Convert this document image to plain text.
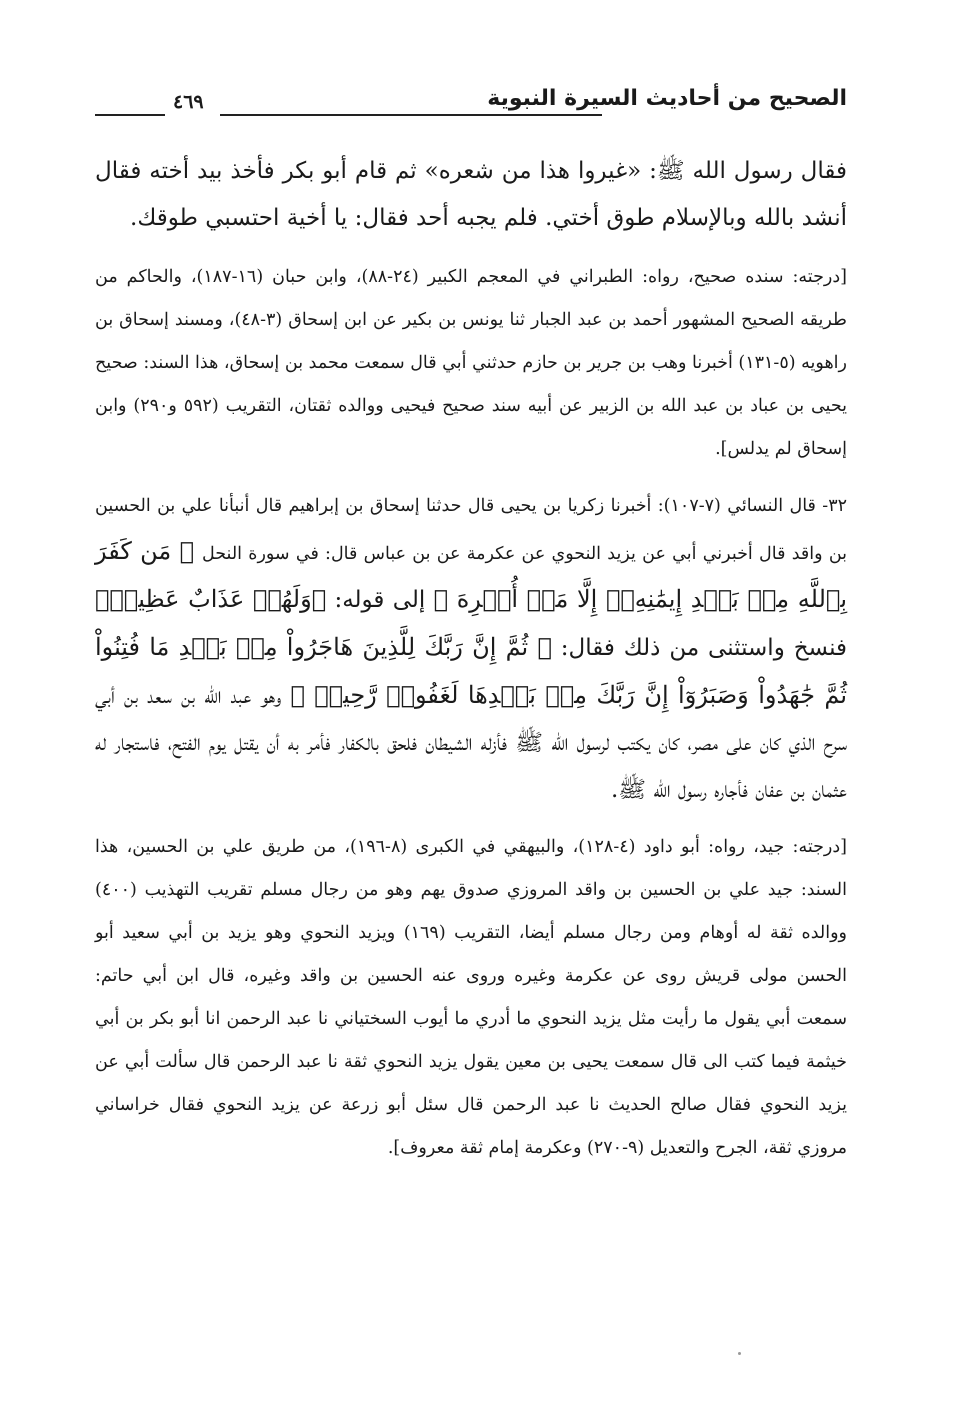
الصحيح من أحاديث السيرة النبوية
٤٦٩

فقال رسول الله ﷺ: «غيروا هذا من شعره» ثم قام أبو بكر فأخذ بيد أخته فقال أنشد بالله وبالإسلام طوق أختي. فلم يجبه أحد فقال: يا أخية احتسبي طوقك.

[درجته: سنده صحيح، رواه: الطبراني في المعجم الكبير (٢٤-٨٨)، وابن حبان (١٦-١٨٧)، والحاكم من طريقه الصحيح المشهور أحمد بن عبد الجبار ثنا يونس بن بكير عن ابن إسحاق (٣-٤٨)، ومسند إسحاق بن راهويه (٥-١٣١) أخبرنا وهب بن جرير بن حازم حدثني أبي قال سمعت محمد بن إسحاق، هذا السند: صحيح يحيى بن عباد بن عبد الله بن الزبير عن أبيه سند صحيح فيحيى ووالده ثقتان، التقريب (٥٩٢ و٢٩٠) وابن إسحاق لم يدلس].

٣٢- قال النسائي (٧-١٠٧): أخبرنا زكريا بن يحيى قال حدثنا إسحاق بن إبراهيم قال أنبأنا علي بن الحسين بن واقد قال أخبرني أبي عن يزيد النحوي عن عكرمة عن بن عباس قال: في سورة النحل ﴿ مَن كَفَرَ بِٱللَّهِ مِنۢ بَعۡدِ إِيمَٰنِهِۦٓ إِلَّا مَنۡ أُكۡرِهَ ﴾ إلى قوله: ﴿وَلَهُمۡ عَذَابٌ عَظِيمٞ﴾ فنسخ واستثنى من ذلك فقال: ﴿ ثُمَّ إِنَّ رَبَّكَ لِلَّذِينَ هَاجَرُواْ مِنۢ بَعۡدِ مَا فُتِنُواْ ثُمَّ جَٰهَدُواْ وَصَبَرُوٓاْ إِنَّ رَبَّكَ مِنۢ بَعۡدِهَا لَغَفُورٞ رَّحِيمٞ ﴾ وهو عبد الله بن سعد بن أبي سرح الذي كان على مصر، كان يكتب لرسول الله ﷺ فأزله الشيطان فلحق بالكفار فأمر به أن يقتل يوم الفتح، فاستجار له عثمان بن عفان فأجاره رسول الله ﷺ.

[درجته: جيد، رواه: أبو داود (٤-١٢٨)، والبيهقي في الكبرى (٨-١٩٦)، من طريق علي بن الحسين، هذا السند: جيد علي بن الحسين بن واقد المروزي صدوق يهم وهو من رجال مسلم تقريب التهذيب (٤٠٠) ووالده ثقة له أوهام ومن رجال مسلم أيضا، التقريب (١٦٩) ويزيد النحوي وهو يزيد بن أبي سعيد أبو الحسن مولى قريش روى عن عكرمة وغيره وروى عنه الحسين بن واقد وغيره، قال ابن أبي حاتم: سمعت أبي يقول ما رأيت مثل يزيد النحوي ما أدري ما أيوب السختياني نا عبد الرحمن انا أبو بكر بن أبي خيثمة فيما كتب الى قال سمعت يحيى بن معين يقول يزيد النحوي ثقة نا عبد الرحمن قال سألت أبي عن يزيد النحوي فقال صالح الحديث نا عبد الرحمن قال سئل أبو زرعة عن يزيد النحوي فقال خراساني مروزي ثقة، الجرح والتعديل (٩-٢٧٠) وعكرمة إمام ثقة معروف].
